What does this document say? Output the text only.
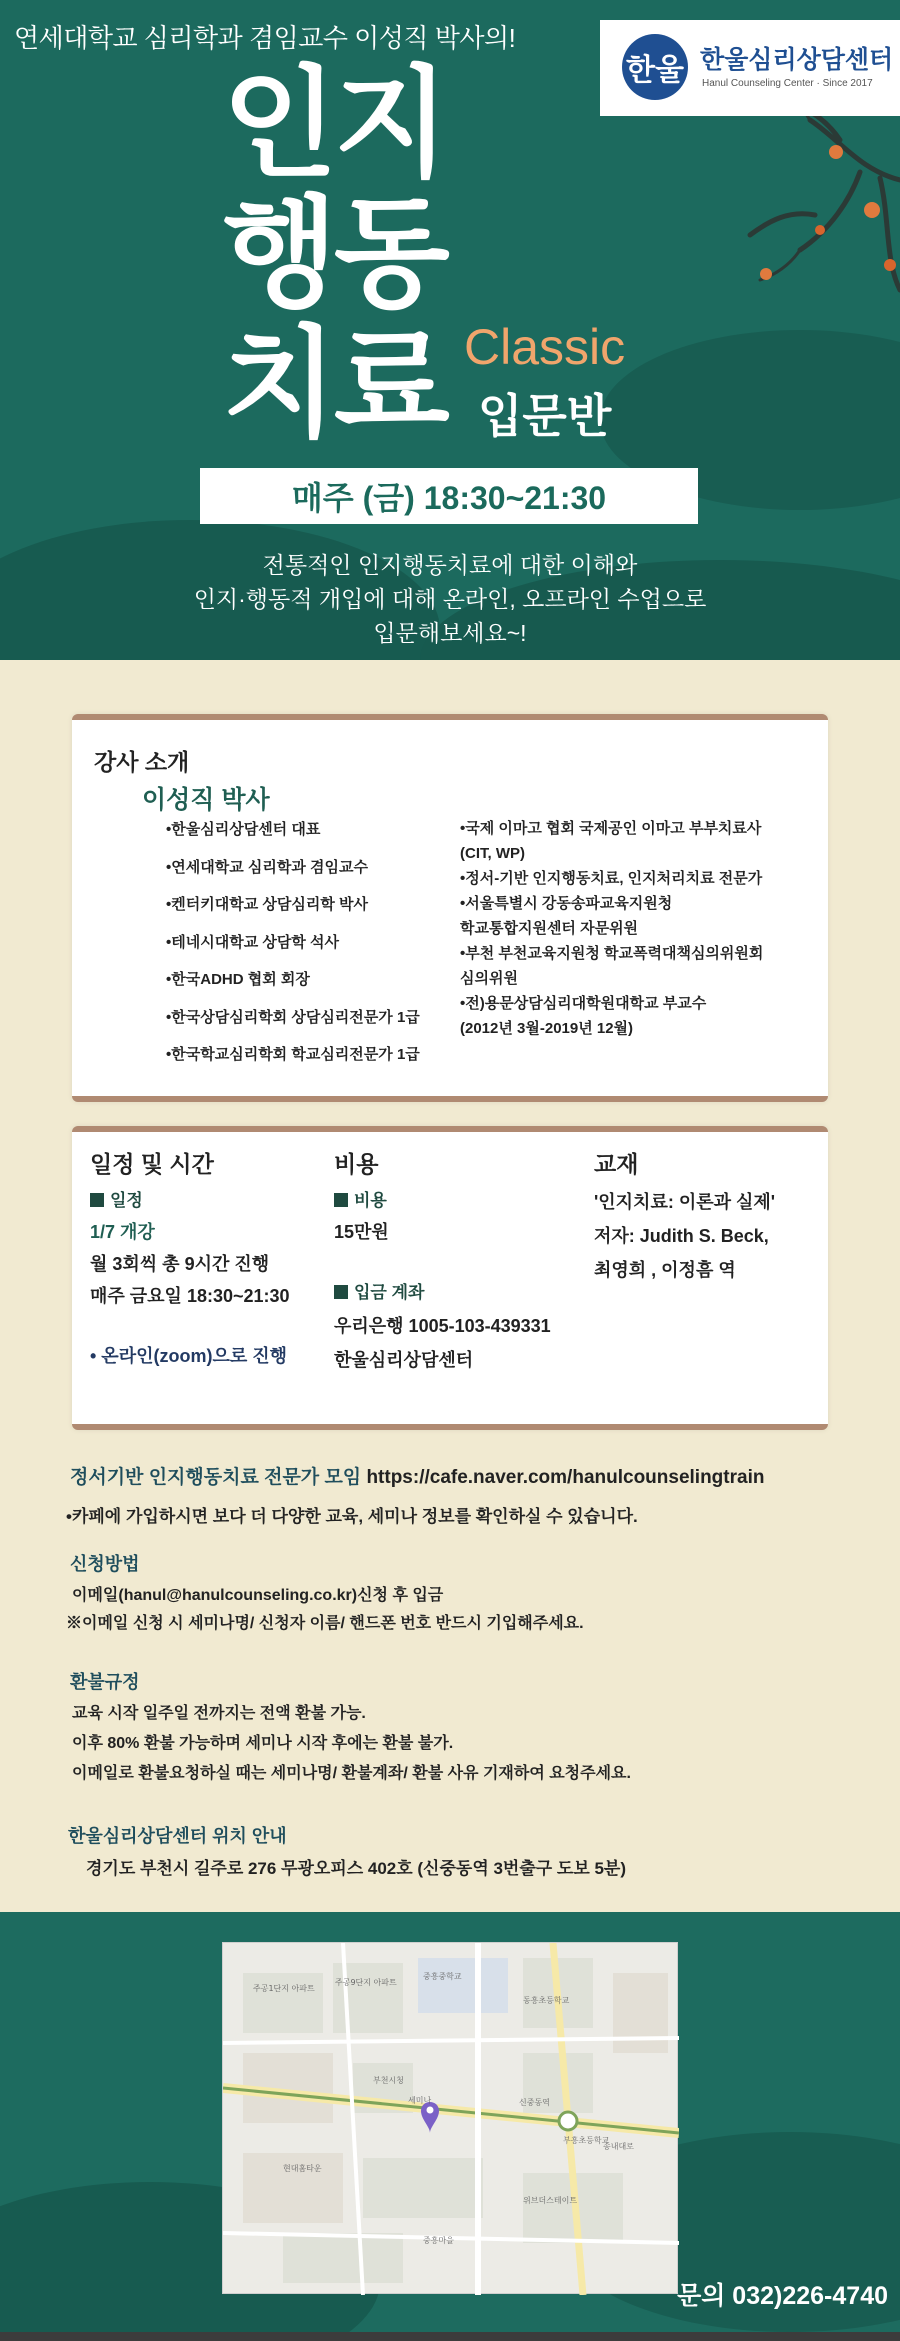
연세대학교 심리학과 겸임교수 이성직 박사의!
한울 한울심리상담센터
Hanul Counseling Center · Since 2017
인지
행동
치료 Classic
입문반
매주 (금) 18:30~21:30
전통적인 인지행동치료에 대한 이해와
인지·행동적 개입에 대해 온라인, 오프라인 수업으로
입문해보세요~!
강사 소개
이성직 박사
•한울심리상담센터 대표
•연세대학교 심리학과 겸임교수
•켄터키대학교 상담심리학 박사
•테네시대학교 상담학 석사
•한국ADHD 협회 회장
•한국상담심리학회 상담심리전문가 1급
•한국학교심리학회 학교심리전문가 1급
•국제 이마고 협회 국제공인 이마고 부부치료사
(CIT, WP)
•정서-기반 인지행동치료, 인지처리치료 전문가
•서울특별시 강동송파교육지원청
학교통합지원센터 자문위원
•부천 부천교육지원청 학교폭력대책심의위원회
심의위원
•전)용문상담심리대학원대학교 부교수
(2012년 3월-2019년 12월)
일정 및 시간
일정
1/7 개강
월 3회씩 총 9시간 진행
매주 금요일 18:30~21:30
• 온라인(zoom)으로 진행
비용
비용
15만원
입금 계좌
우리은행 1005-103-439331
한울심리상담센터
교재
'인지치료: 이론과 실제'
저자: Judith S. Beck,
최영희 , 이정흠 역
정서기반 인지행동치료 전문가 모임 https://cafe.naver.com/hanulcounselingtrain
•카페에 가입하시면 보다 더 다양한 교육, 세미나 정보를 확인하실 수 있습니다.
신청방법
이메일(hanul@hanulcounseling.co.kr)신청 후 입금
※이메일 신청 시 세미나명/ 신청자 이름/ 핸드폰 번호 반드시 기입해주세요.
환불규정
교육 시작 일주일 전까지는 전액 환불 가능.
이후 80% 환불 가능하며 세미나 시작 후에는 환불 불가.
이메일로 환불요청하실 때는 세미나명/ 환불계좌/ 환불 사유 기재하여 요청주세요.
한울심리상담센터 위치 안내
경기도 부천시 길주로 276 무광오피스 402호 (신중동역 3번출구 도보 5분)
주공1단지 아파트
주공9단지 아파트
중흥중학교
신중동역
부흥초등학교
동흥초등학교
부천시청
세미나
위브더스테이트
현대홈타운
중흥마을
송내대로
문의 032)226-4740
